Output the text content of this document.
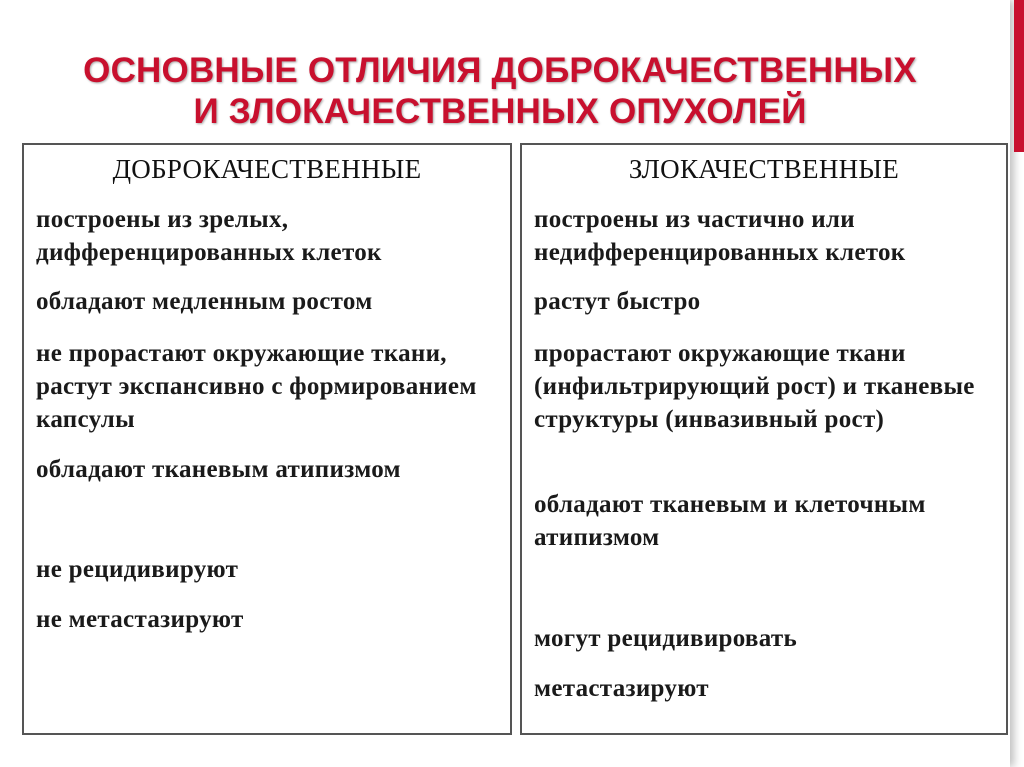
ОСНОВНЫЕ ОТЛИЧИЯ ДОБРОКАЧЕСТВЕННЫХ
И ЗЛОКАЧЕСТВЕННЫХ ОПУХОЛЕЙ
ДОБРОКАЧЕСТВЕННЫЕ
построены из зрелых, дифференцированных клеток
обладают медленным ростом
не прорастают окружающие ткани, растут экспансивно с формированием капсулы
обладают тканевым атипизмом
не рецидивируют
не метастазируют
ЗЛОКАЧЕСТВЕННЫЕ
построены из частично или недифференцированных клеток
растут быстро
прорастают окружающие ткани (инфильтрирующий рост) и тканевые структуры (инвазивный рост)
обладают тканевым и клеточным атипизмом
могут рецидивировать
метастазируют
